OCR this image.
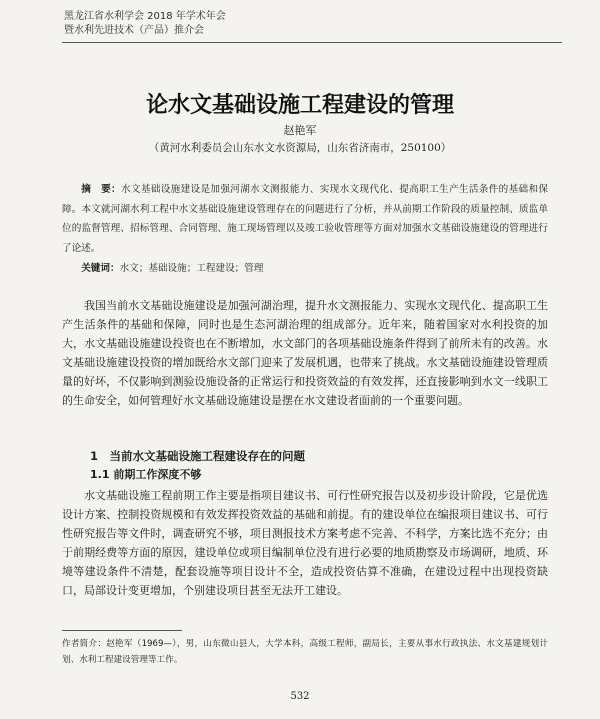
黑龙江省水利学会 2018 年学术年会
暨水利先进技术（产品）推介会
论水文基础设施工程建设的管理
赵艳军
（黄河水利委员会山东水文水资源局，山东省济南市，250100）
摘　要：水文基础设施建设是加强河湖水文测报能力、实现水文现代化、提高职工生产生活条件的基础和保障。本文就河湖水利工程中水文基础设施建设管理存在的问题进行了分析，并从前期工作阶段的质量控制、质监单位的监督管理、招标管理、合同管理、施工现场管理以及竣工验收管理等方面对加强水文基础设施建设的管理进行了论述。
关键词：水文；基础设施；工程建设；管理
我国当前水文基础设施建设是加强河湖治理，提升水文测报能力、实现水文现代化、提高职工生产生活条件的基础和保障，同时也是生态河湖治理的组成部分。近年来，随着国家对水利投资的加大，水文基础设施建设投资也在不断增加，水文部门的各项基础设施条件得到了前所未有的改善。水文基础设施建设投资的增加既给水文部门迎来了发展机遇，也带来了挑战。水文基础设施建设管理质量的好坏，不仅影响到测验设施设备的正常运行和投资效益的有效发挥，还直接影响到水文一线职工的生命安全，如何管理好水文基础设施建设是摆在水文建设者面前的一个重要问题。
1　当前水文基础设施工程建设存在的问题
1.1 前期工作深度不够
水文基础设施工程前期工作主要是指项目建议书、可行性研究报告以及初步设计阶段，它是优选设计方案、控制投资规模和有效发挥投资效益的基础和前提。有的建设单位在编报项目建议书、可行性研究报告等文件时，调查研究不够，项目测报技术方案考虑不完善、不科学，方案比选不充分；由于前期经费等方面的原因，建设单位或项目编制单位没有进行必要的地质勘察及市场调研，地质、环境等建设条件不清楚，配套设施等项目设计不全，造成投资估算不准确，在建设过程中出现投资缺口，局部设计变更增加，个别建设项目甚至无法开工建设。
作者简介：赵艳军（1969—），男，山东微山县人，大学本科，高级工程师，副局长，主要从事水行政执法、水文基建规划计划、水利工程建设管理等工作。
532
